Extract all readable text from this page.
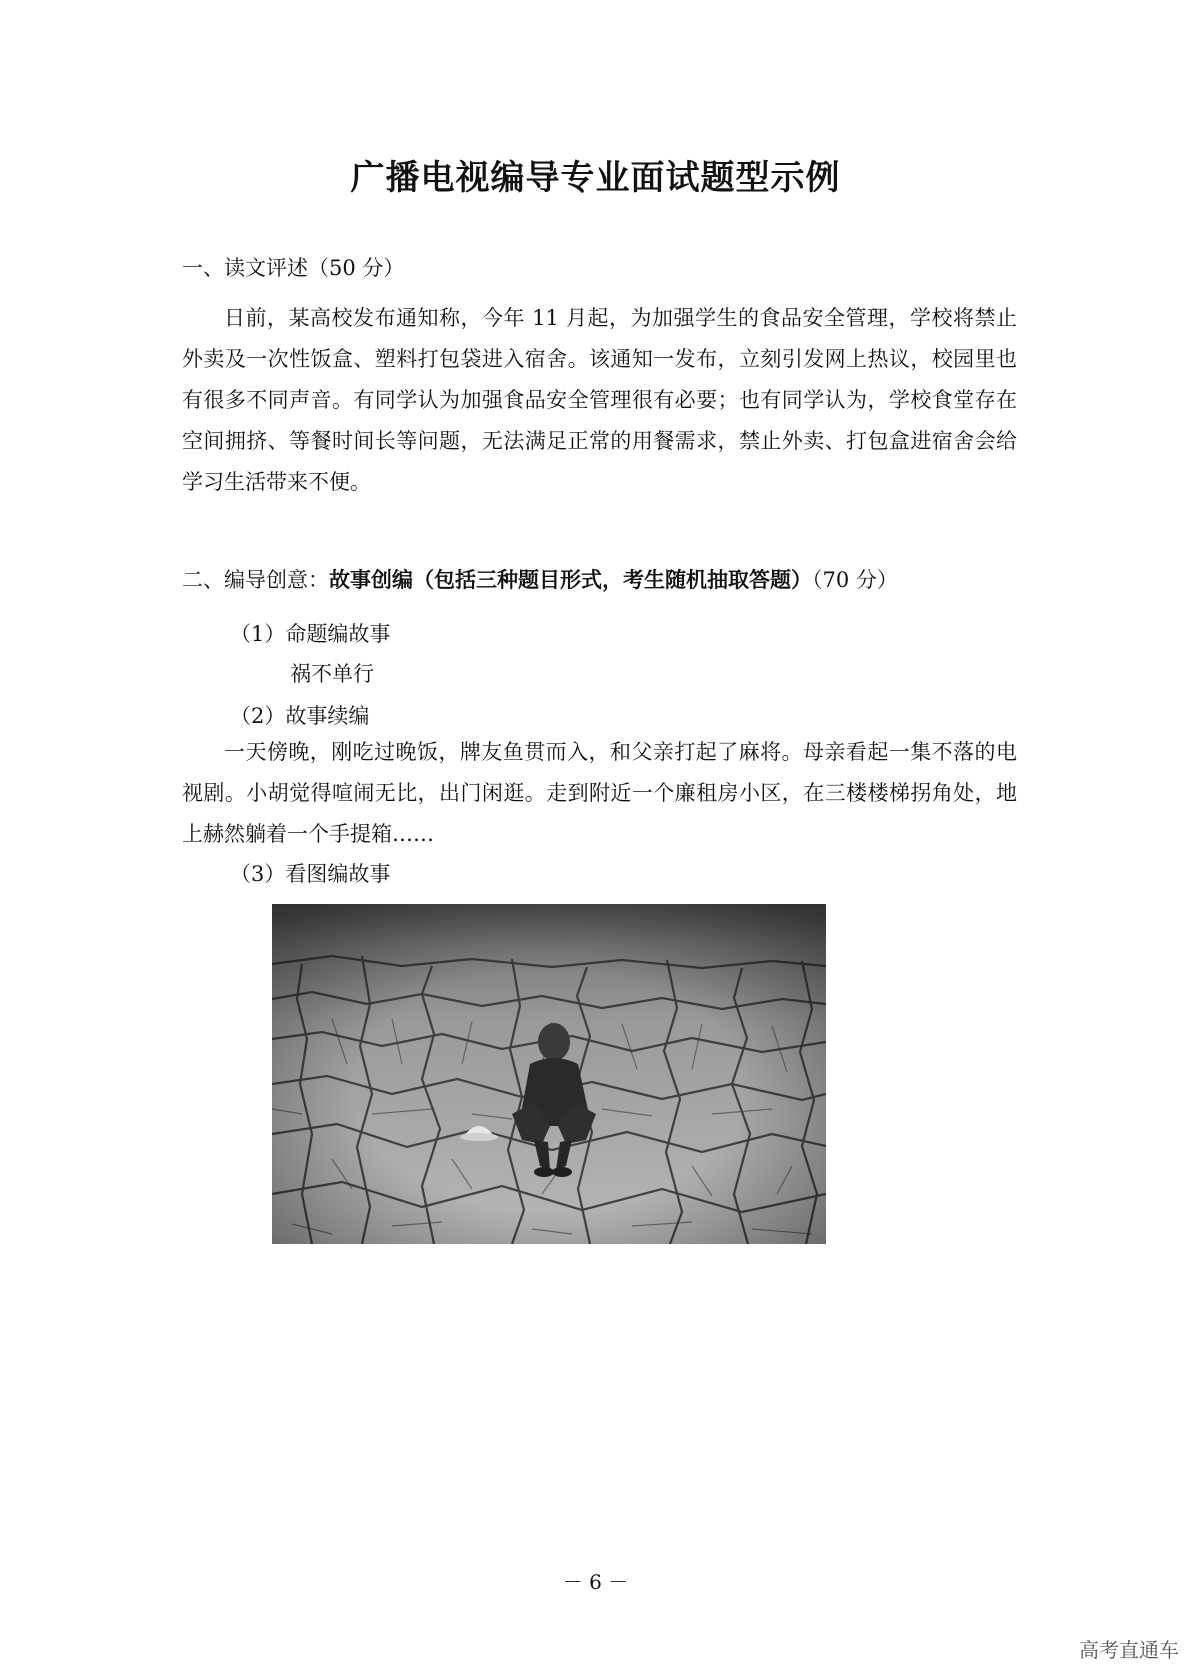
广播电视编导专业面试题型示例

一、读文评述（50 分）

日前，某高校发布通知称，今年 11 月起，为加强学生的食品安全管理，学校将禁止外卖及一次性饭盒、塑料打包袋进入宿舍。该通知一发布，立刻引发网上热议，校园里也有很多不同声音。有同学认为加强食品安全管理很有必要；也有同学认为，学校食堂存在空间拥挤、等餐时间长等问题，无法满足正常的用餐需求，禁止外卖、打包盒进宿舍会给学习生活带来不便。

二、编导创意：故事创编（包括三种题目形式，考生随机抽取答题）（70 分）

（1）命题编故事

祸不单行

（2）故事续编

一天傍晚，刚吃过晚饭，牌友鱼贯而入，和父亲打起了麻将。母亲看起一集不落的电视剧。小胡觉得喧闹无比，出门闲逛。走到附近一个廉租房小区，在三楼楼梯拐角处，地上赫然躺着一个手提箱……

（3）看图编故事

－ 6 －

高考直通车
